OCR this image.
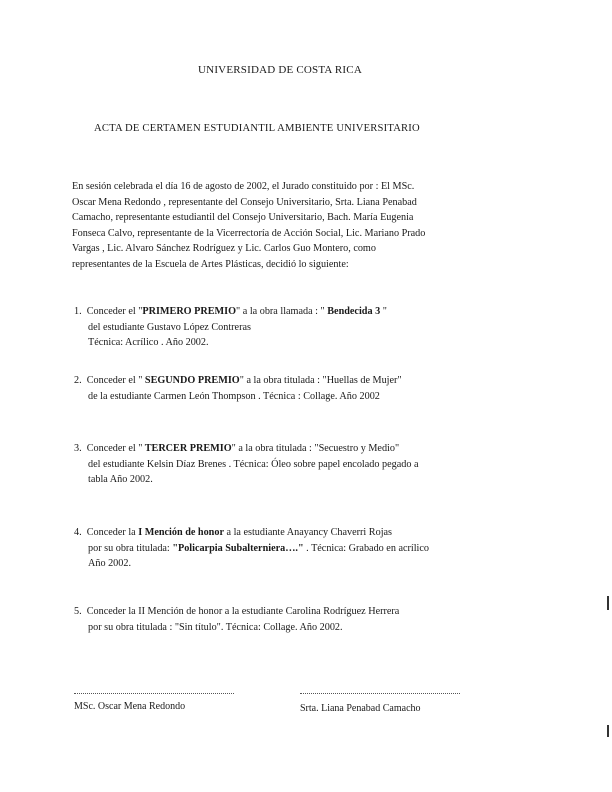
UNIVERSIDAD DE COSTA RICA
ACTA DE CERTAMEN ESTUDIANTIL AMBIENTE UNIVERSITARIO
En sesión celebrada el día 16 de agosto de 2002, el Jurado constituido por : El MSc.
Oscar Mena Redondo , representante del Consejo Universitario, Srta. Liana Penabad
Camacho, representante estudiantil del Consejo Universitario, Bach. María Eugenia
Fonseca Calvo, representante de la Vicerrectoría de Acción Social, Lic. Mariano Prado
Vargas , Lic. Alvaro Sánchez Rodríguez y Lic. Carlos Guo Montero, como
representantes de la Escuela de Artes Plásticas, decidió lo siguiente:
1. Conceder el "PRIMERO PREMIO" a la obra llamada : " Bendecida 3 "
del estudiante Gustavo López Contreras
Técnica: Acrílico . Año 2002.
2. Conceder el " SEGUNDO PREMIO" a la obra titulada : "Huellas de Mujer"
de la estudiante Carmen León Thompson . Técnica : Collage. Año 2002
3. Conceder el " TERCER PREMIO" a la obra titulada : "Secuestro y Medio"
del estudiante Kelsin Díaz Brenes . Técnica: Óleo sobre papel encolado pegado a
tabla Año 2002.
4. Conceder la I Mención de honor a la estudiante Anayancy Chaverri Rojas
por su obra titulada: "Policarpia Subalterniera…." . Técnica: Grabado en acrílico
Año 2002.
5. Conceder la II Mención de honor a la estudiante Carolina Rodríguez Herrera
por su obra titulada : "Sin título". Técnica: Collage. Año 2002.
MSc. Oscar Mena Redondo	Srta. Liana Penabad Camacho
